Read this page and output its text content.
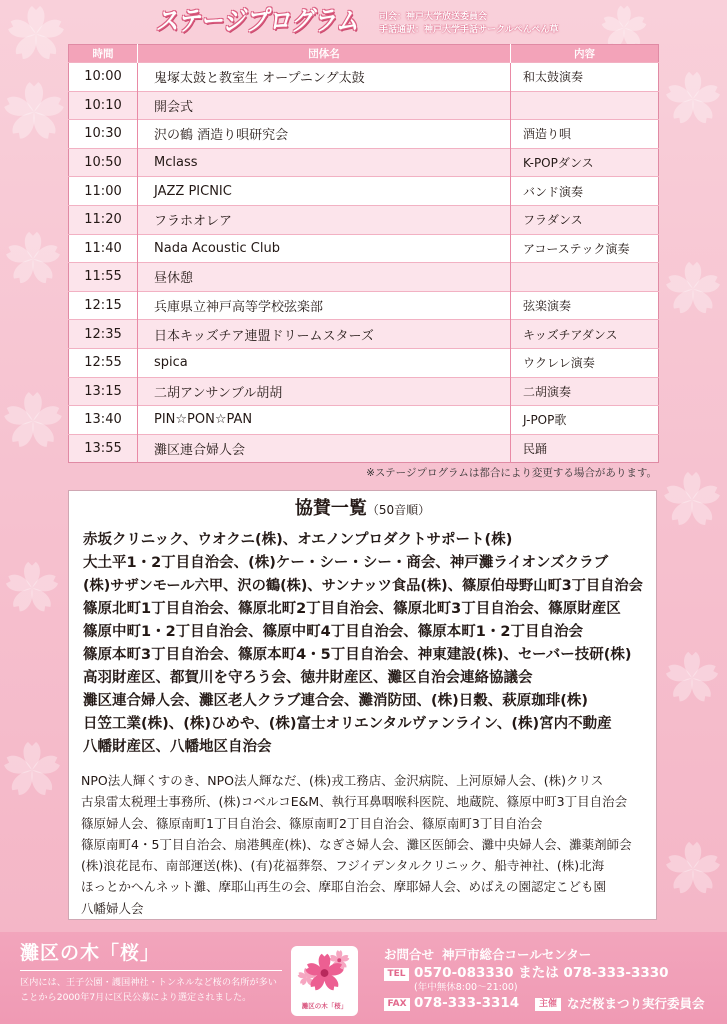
ステージプログラム 司会：神戸大学放送委員会
手話通訳：神戸大学手話サークルぺんぺん草
時間	団体名	内容
10:00	鬼塚太鼓と教室生 オープニング太鼓	和太鼓演奏
10:10	開会式	
10:30	沢の鶴 酒造り唄研究会	酒造り唄
10:50	Mclass	K-POPダンス
11:00	JAZZ PICNIC	バンド演奏
11:20	フラホオレア	フラダンス
11:40	Nada Acoustic Club	アコーステック演奏
11:55	昼休憩	
12:15	兵庫県立神戸高等学校弦楽部	弦楽演奏
12:35	日本キッズチア連盟ドリームスターズ	キッズチアダンス
12:55	spica	ウクレレ演奏
13:15	二胡アンサンブル胡胡	二胡演奏
13:40	PIN☆PON☆PAN	J-POP歌
13:55	灘区連合婦人会	民踊
※ステージプログラムは都合により変更する場合があります。
協賛一覧（50音順）
赤坂クリニック、ウオクニ(株)、オエノンプロダクトサポート(株)
大土平1・2丁目自治会、(株)ケー・シー・シー・商会、神戸灘ライオンズクラブ
(株)サザンモール六甲、沢の鶴(株)、サンナッツ食品(株)、篠原伯母野山町3丁目自治会
篠原北町1丁目自治会、篠原北町2丁目自治会、篠原北町3丁目自治会、篠原財産区
篠原中町1・2丁目自治会、篠原中町4丁目自治会、篠原本町1・2丁目自治会
篠原本町3丁目自治会、篠原本町4・5丁目自治会、神東建設(株)、セーバー技研(株)
高羽財産区、都賀川を守ろう会、徳井財産区、灘区自治会連絡協議会
灘区連合婦人会、灘区老人クラブ連合会、灘消防団、(株)日穀、萩原珈琲(株)
日笠工業(株)、(株)ひめや、(株)富士オリエンタルヴァンライン、(株)宮内不動産
八幡財産区、八幡地区自治会
NPO法人輝くすのき、NPO法人輝なだ、(株)戎工務店、金沢病院、上河原婦人会、(株)クリス
古泉雷太税理士事務所、(株)コベルコE&M、執行耳鼻咽喉科医院、地蔵院、篠原中町3丁目自治会
篠原婦人会、篠原南町1丁目自治会、篠原南町2丁目自治会、篠原南町3丁目自治会
篠原南町4・5丁目自治会、扇港興産(株)、なぎさ婦人会、灘区医師会、灘中央婦人会、灘薬剤師会
(株)浪花昆布、南部運送(株)、(有)花福葬祭、フジイデンタルクリニック、船寺神社、(株)北海
ほっとかへんネット灘、摩耶山再生の会、摩耶自治会、摩耶婦人会、めばえの園認定こども園
八幡婦人会
灘区の木「桜」
区内には、王子公園・護国神社・トンネルなど桜の名所が多い
ことから2000年7月に区民公募により選定されました。
灘区の木「桜」
お問合せ 神戸市総合コールセンター
TEL 0570-083330 または 078-333-3330
(年中無休8:00～21:00)
FAX 078-333-3314	主催 なだ桜まつり実行委員会
